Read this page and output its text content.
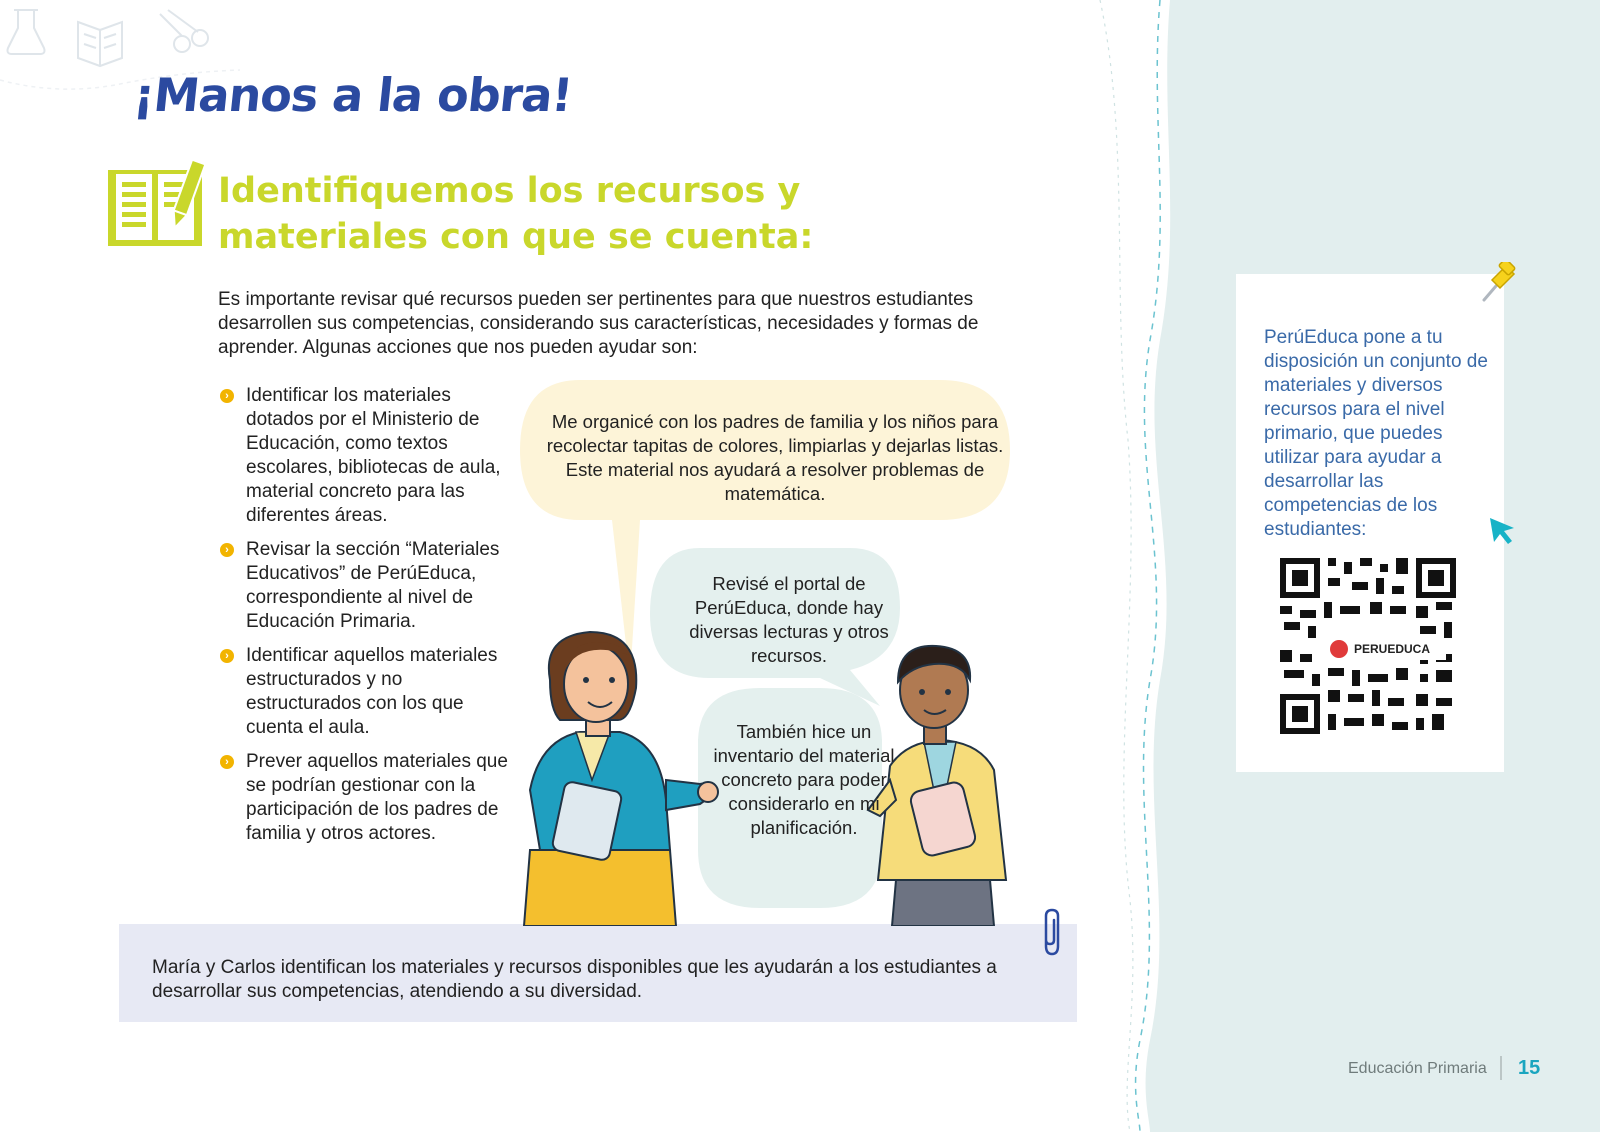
¡Manos a la obra!
Identifiquemos los recursos y materiales con que se cuenta:

Es importante revisar qué recursos pueden ser pertinentes para que nuestros estudiantes desarrollen sus competencias, considerando sus características, necesidades y formas de aprender. Algunas acciones que nos pueden ayudar son:

› Identificar los materiales dotados por el Ministerio de Educación, como textos escolares, bibliotecas de aula, material concreto para las diferentes áreas.
› Revisar la sección “Materiales Educativos” de PerúEduca, correspondiente al nivel de Educación Primaria.
› Identificar aquellos materiales estructurados y no estructurados con los que cuenta el aula.
› Prever aquellos materiales que se podrían gestionar con la participación de los padres de familia y otros actores.
Me organicé con los padres de familia y los niños para recolectar tapitas de colores, limpiarlas y dejarlas listas. Este material nos ayudará a resolver problemas de matemática.
Revisé el portal de PerúEduca, donde hay diversas lecturas y otros recursos.
También hice un inventario del material concreto para poder considerarlo en mi planificación.

María y Carlos identifican los materiales y recursos disponibles que les ayudarán a los estudiantes a desarrollar sus competencias, atendiendo a su diversidad.

PerúEduca pone a tu disposición un conjunto de materiales y diversos recursos para el nivel primario, que puedes utilizar para ayudar a desarrollar las competencias de los estudiantes:

PERUEDUCA
Educación Primaria 15
